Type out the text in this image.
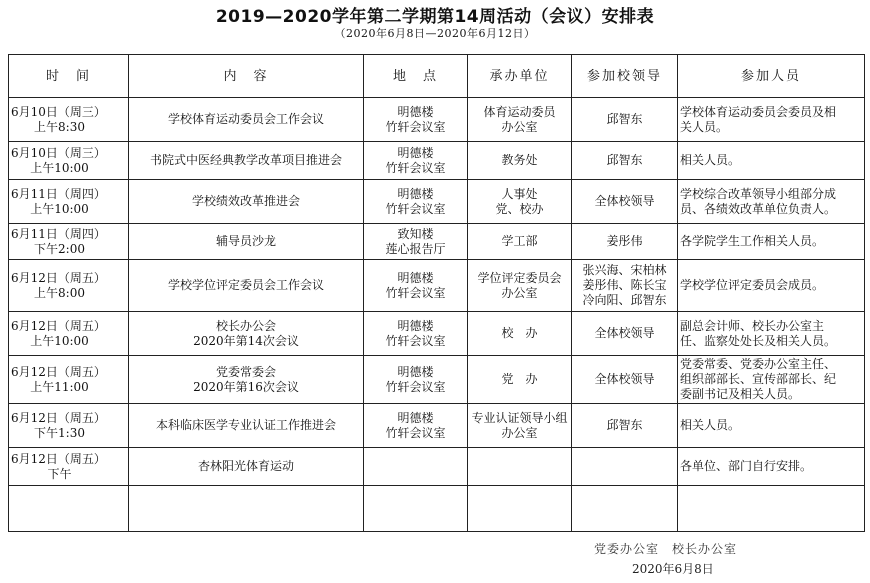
2019—2020学年第二学期第14周活动（会议）安排表
（2020年6月8日—2020年6月12日）
时　间	内　容	地　点	承办单位	参加校领导	参加人员

6月10日（周三）
上午8:30	学校体育运动委员会工作会议	明德楼
竹轩会议室	体育运动委员
办公室	邱智东	学校体育运动委员会委员及相
关人员。

6月10日（周三）
上午10:00	书院式中医经典教学改革项目推进会	明德楼
竹轩会议室	教务处	邱智东	相关人员。

6月11日（周四）
上午10:00	学校绩效改革推进会	明德楼
竹轩会议室	人事处
党、校办	全体校领导	学校综合改革领导小组部分成
员、各绩效改革单位负责人。

6月11日（周四）
下午2:00	辅导员沙龙	致知楼
莲心报告厅	学工部	姜彤伟	各学院学生工作相关人员。

6月12日（周五）
上午8:00	学校学位评定委员会工作会议	明德楼
竹轩会议室	学位评定委员会
办公室	张兴海、宋柏林
姜彤伟、陈长宝
冷向阳、邱智东	学校学位评定委员会成员。

6月12日（周五）
上午10:00	校长办公会
2020年第14次会议	明德楼
竹轩会议室	校　办	全体校领导	副总会计师、校长办公室主
任、监察处处长及相关人员。

6月12日（周五）
上午11:00	党委常委会
2020年第16次会议	明德楼
竹轩会议室	党　办	全体校领导	党委常委、党委办公室主任、
组织部部长、宣传部部长、纪
委副书记及相关人员。

6月12日（周五）
下午1:30	本科临床医学专业认证工作推进会	明德楼
竹轩会议室	专业认证领导小组
办公室	邱智东	相关人员。

6月12日（周五）
下午	杏林阳光体育运动				各单位、部门自行安排。

党委办公室　校长办公室
2020年6月8日
